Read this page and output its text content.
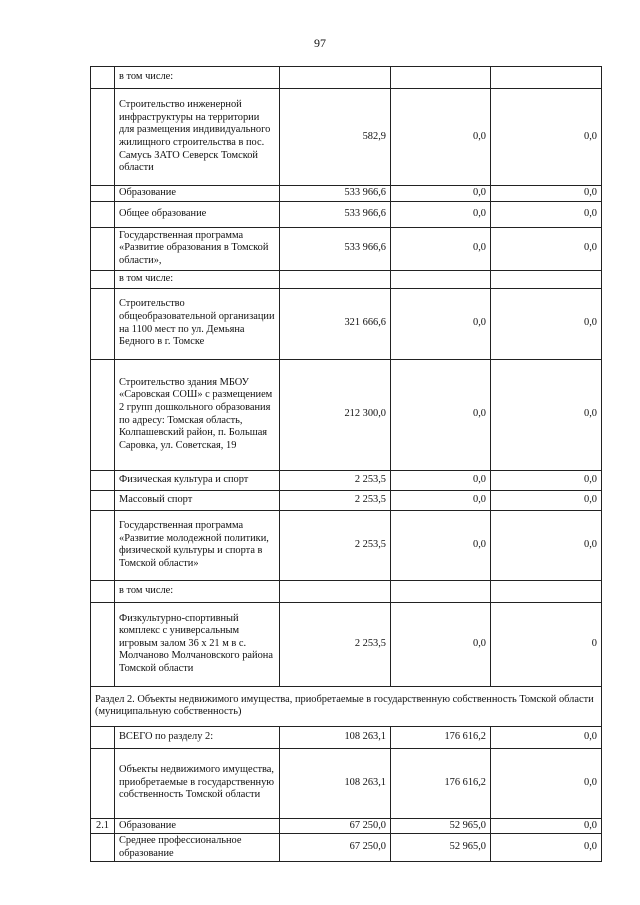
97
	в том числе:			
	Строительство инженерной инфраструктуры на территории для размещения индивидуального жилищного строительства в пос. Самусь ЗАТО Северск Томской области	582,9	0,0	0,0
	Образование	533 966,6	0,0	0,0
	Общее образование	533 966,6	0,0	0,0
	Государственная программа «Развитие образования в Томской области»,	533 966,6	0,0	0,0
	в том числе:			
	Строительство общеобразовательной организации на 1100 мест по ул. Демьяна Бедного в г. Томске	321 666,6	0,0	0,0
	Строительство здания МБОУ «Саровская СОШ» с размещением 2 групп дошкольного образования по адресу: Томская область, Колпашевский район, п. Большая Саровка, ул. Советская, 19	212 300,0	0,0	0,0
	Физическая культура и спорт	2 253,5	0,0	0,0
	Массовый спорт	2 253,5	0,0	0,0
	Государственная программа «Развитие молодежной политики, физической культуры и спорта в Томской области»	2 253,5	0,0	0,0
	в том числе:			
	Физкультурно-спортивный комплекс с универсальным игровым залом 36 х 21 м в с. Молчаново Молчановского района Томской области	2 253,5	0,0	0
Раздел 2. Объекты недвижимого имущества, приобретаемые в государственную собственность Томской области (муниципальную собственность)				
	ВСЕГО по разделу 2:	108 263,1	176 616,2	0,0
	Объекты недвижимого имущества, приобретаемые в государственную собственность Томской области	108 263,1	176 616,2	0,0
2.1	Образование	67 250,0	52 965,0	0,0
	Среднее профессиональное образование	67 250,0	52 965,0	0,0
